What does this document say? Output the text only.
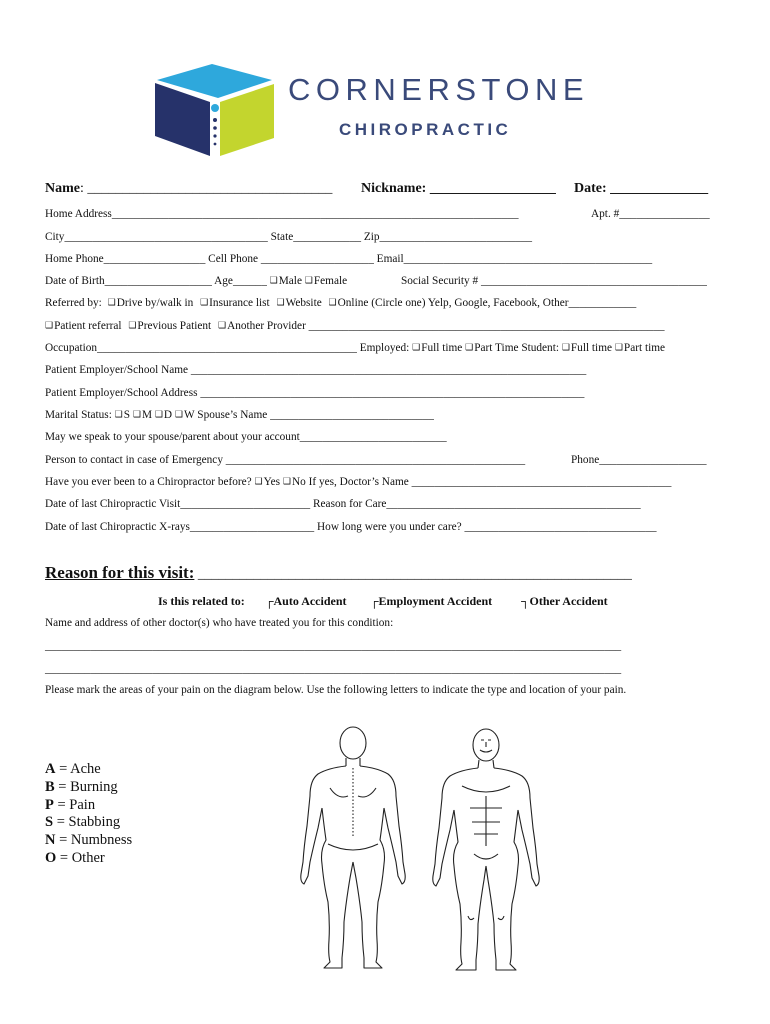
CORNERSTONE
CHIROPRACTIC
Name: ___________________________________ Nickname: __________________ Date: ______________
Home Address________________________________________________________________________	Apt. #________________
City____________________________________ State____________ Zip___________________________
Home Phone__________________ Cell Phone ____________________ Email____________________________________________
Date of Birth___________________ Age______ ❑ Male ❑ Female	Social Security # ________________________________________
Referred by: ❑ Drive by/walk in ❑ Insurance list ❑ Website ❑ Online (Circle one) Yelp, Google, Facebook, Other____________
❑ Patient referral ❑ Previous Patient ❑ Another Provider _______________________________________________________________
Occupation______________________________________________ Employed: ❑ Full time ❑ Part Time Student: ❑ Full time ❑ Part time
Patient Employer/School Name ______________________________________________________________________
Patient Employer/School Address ____________________________________________________________________
Marital Status: ❑ S ❑ M ❑ D ❑ W Spouse’s Name _____________________________
May we speak to your spouse/parent about your account__________________________
Person to contact in case of Emergency _____________________________________________________	Phone___________________
Have you ever been to a Chiropractor before? ❑ Yes ❑ No If yes, Doctor’s Name ______________________________________________
Date of last Chiropractic Visit_______________________ Reason for Care_____________________________________________
Date of last Chiropractic X-rays______________________ How long were you under care? __________________________________
Reason for this visit: ______________________________________________________________
Is this related to: ┌Auto Accident ┌Employment Accident ┐Other Accident
Name and address of other doctor(s) who have treated you for this condition:
______________________________________________________________________________________________________
______________________________________________________________________________________________________
Please mark the areas of your pain on the diagram below. Use the following letters to indicate the type and location of your pain.
A = Ache
B = Burning
P = Pain
S = Stabbing
N = Numbness
O = Other
